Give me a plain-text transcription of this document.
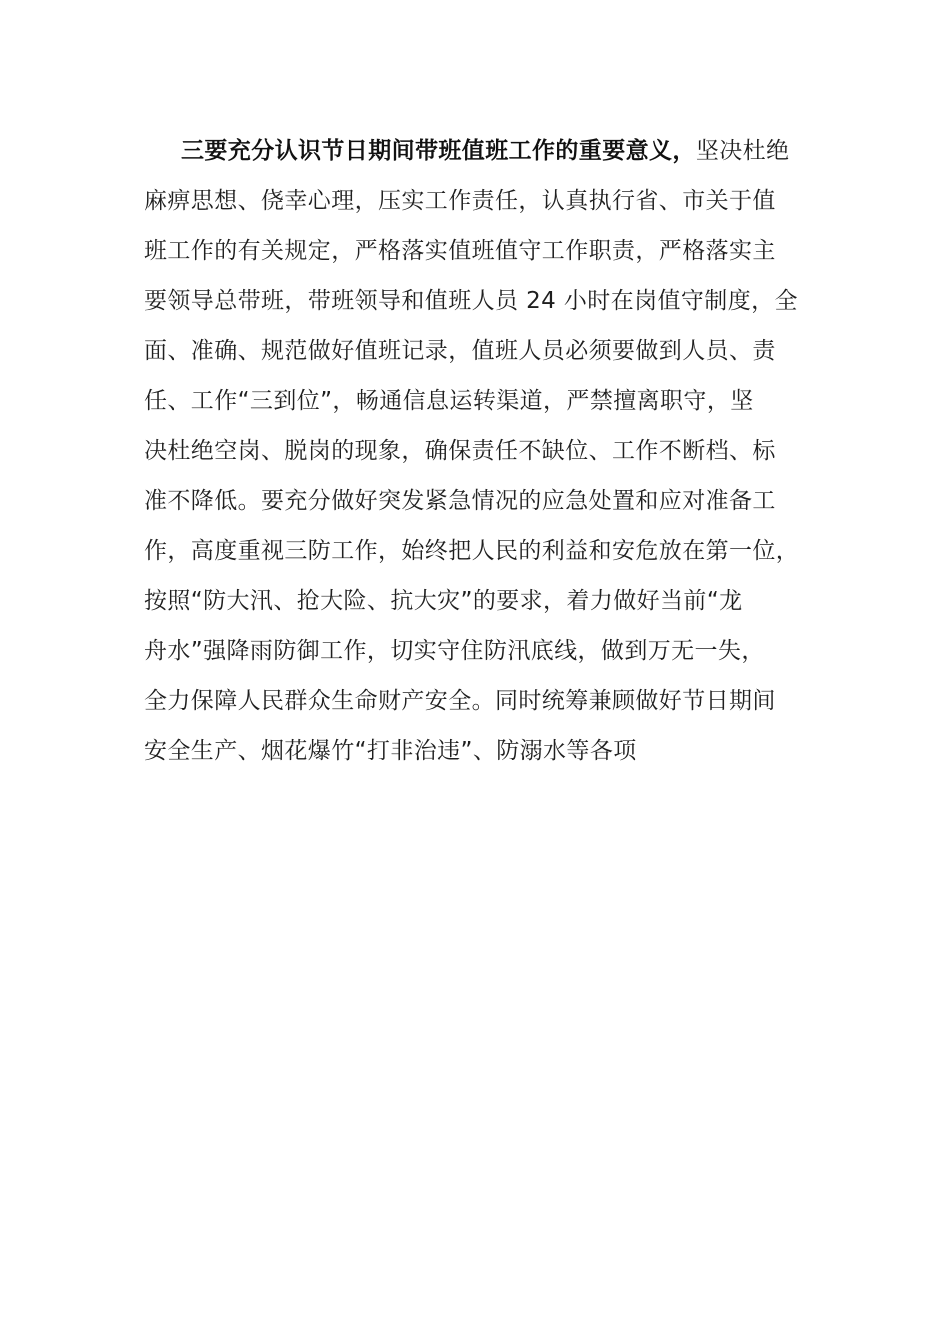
三要充分认识节日期间带班值班工作的重要意义，坚决杜绝
麻痹思想、侥幸心理，压实工作责任，认真执行省、市关于值
班工作的有关规定，严格落实值班值守工作职责，严格落实主
要领导总带班，带班领导和值班人员 24 小时在岗值守制度，全
面、准确、规范做好值班记录，值班人员必须要做到人员、责
任、工作“三到位”，畅通信息运转渠道，严禁擅离职守，坚
决杜绝空岗、脱岗的现象，确保责任不缺位、工作不断档、标
准不降低。要充分做好突发紧急情况的应急处置和应对准备工
作，高度重视三防工作，始终把人民的利益和安危放在第一位，
按照“防大汛、抢大险、抗大灾”的要求，着力做好当前“龙
舟水”强降雨防御工作，切实守住防汛底线，做到万无一失，
全力保障人民群众生命财产安全。同时统筹兼顾做好节日期间
安全生产、烟花爆竹“打非治违”、防溺水等各项
